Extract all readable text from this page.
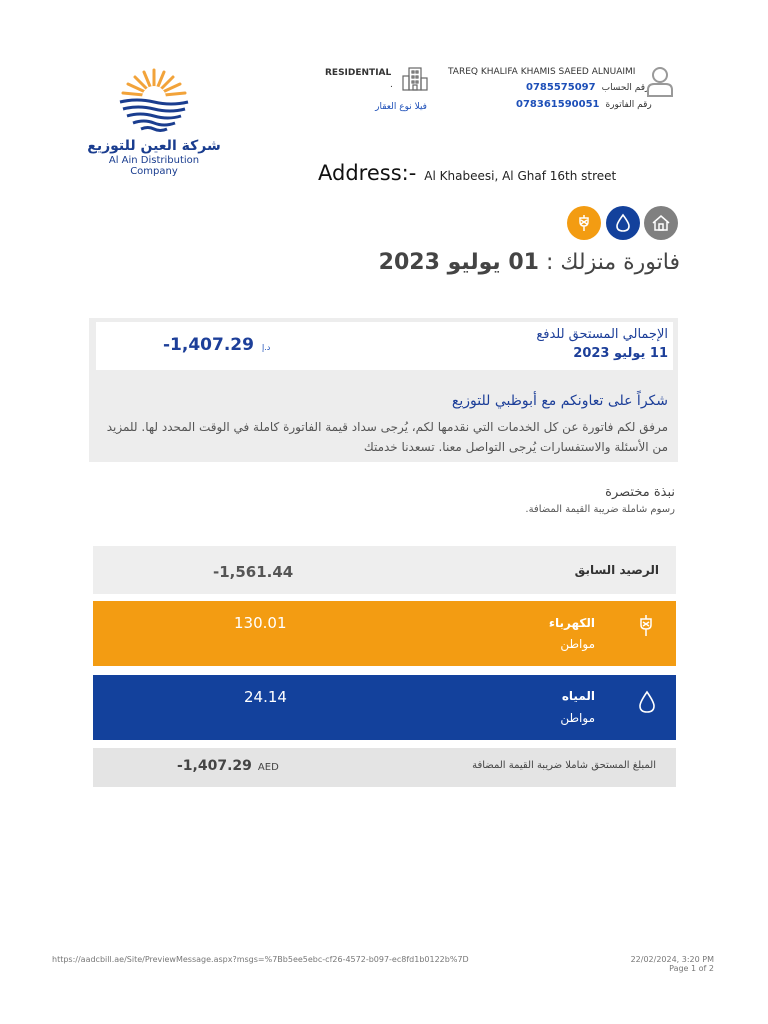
شركة العين للتوزيع
Al Ain Distribution Company
RESIDENTIAL
.
فيلا نوع العقار
TAREQ KHALIFA KHAMIS SAEED ALNUAIMI
0785575097 رقم الحساب
078361590051 رقم الفاتورة
Address:- Al Khabeesi, Al Ghaf 16th street
فاتورة منزلك : 01 يوليو 2023
الإجمالي المستحق للدفع
11 يوليو 2023
-1,407.29 د.إ
شكراً على تعاونكم مع أبوظبي للتوزيع
مرفق لكم فاتورة عن كل الخدمات التي نقدمها لكم، يُرجى سداد قيمة الفاتورة كاملة في الوقت المحدد لها. للمزيد من الأسئلة والاستفسارات يُرجى التواصل معنا. تسعدنا خدمتك
نبذة مختصرة
رسوم شاملة ضريبة القيمة المضافة.
الرصيد السابق
-1,561.44
الكهرباء
مواطن
130.01
المياه
مواطن
24.14
المبلغ المستحق شاملا ضريبة القيمة المضافة
-1,407.29 AED
https://aadcbill.ae/Site/PreviewMessage.aspx?msgs=%7Bb5ee5ebc-cf26-4572-b097-ec8fd1b0122b%7D	22/02/2024, 3:20 PM
Page 1 of 2
